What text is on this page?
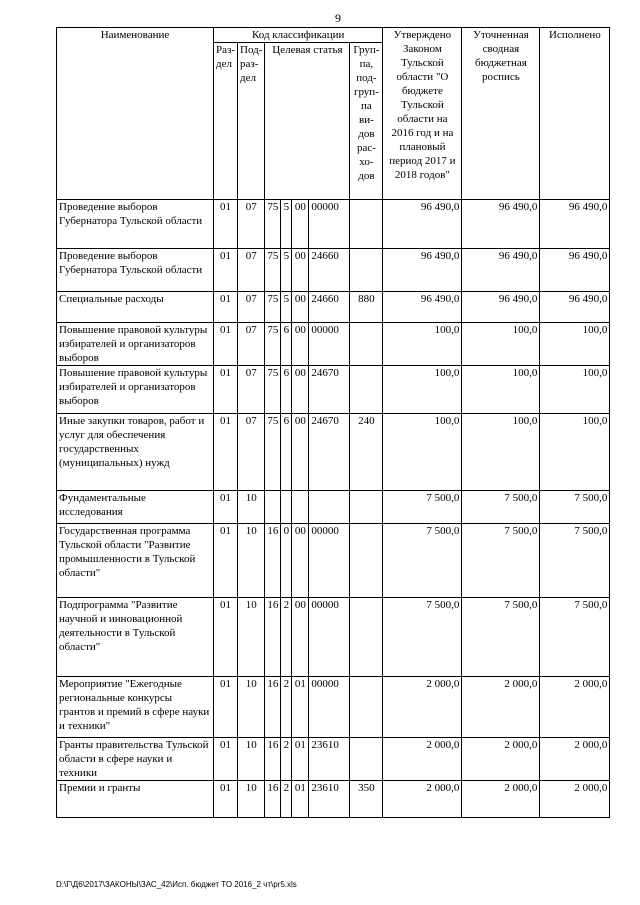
9
Наименование	Код классификации							Утверждено Законом Тульской области "О бюджете Тульской области на 2016 год и на плановый период 2017 и 2018 годов"	Уточненная сводная бюджетная роспись	Исполнено
	Раз-дел	Под-раз-дел	Целевая статья				Груп-па, под-груп-па ви-дов рас-хо-дов			
Проведение выборов Губернатора Тульской области	01	07	75	5	00	00000		96 490,0	96 490,0	96 490,0
Проведение выборов Губернатора Тульской области	01	07	75	5	00	24660		96 490,0	96 490,0	96 490,0
Специальные расходы	01	07	75	5	00	24660	880	96 490,0	96 490,0	96 490,0
Повышение правовой культуры избирателей и организаторов выборов	01	07	75	6	00	00000		100,0	100,0	100,0
Повышение правовой культуры избирателей и организаторов выборов	01	07	75	6	00	24670		100,0	100,0	100,0
Иные закупки товаров, работ и услуг для обеспечения государственных (муниципальных) нужд	01	07	75	6	00	24670	240	100,0	100,0	100,0
Фундаментальные исследования	01	10						7 500,0	7 500,0	7 500,0
Государственная программа Тульской области "Развитие промышленности в Тульской области"	01	10	16	0	00	00000		7 500,0	7 500,0	7 500,0
Подпрограмма "Развитие научной и инновационной деятельности в Тульской области"	01	10	16	2	00	00000		7 500,0	7 500,0	7 500,0
Мероприятие "Ежегодные региональные конкурсы грантов и премий в сфере науки и техники"	01	10	16	2	01	00000		2 000,0	2 000,0	2 000,0
Гранты правительства Тульской области в сфере науки и техники	01	10	16	2	01	23610		2 000,0	2 000,0	2 000,0
Премии и гранты	01	10	16	2	01	23610	350	2 000,0	2 000,0	2 000,0
D:\Г\Д6\2017\ЗАКОНЫ\ЗАС_42\Исп. бюджет ТО 2016_2 чт\pr5.xls
